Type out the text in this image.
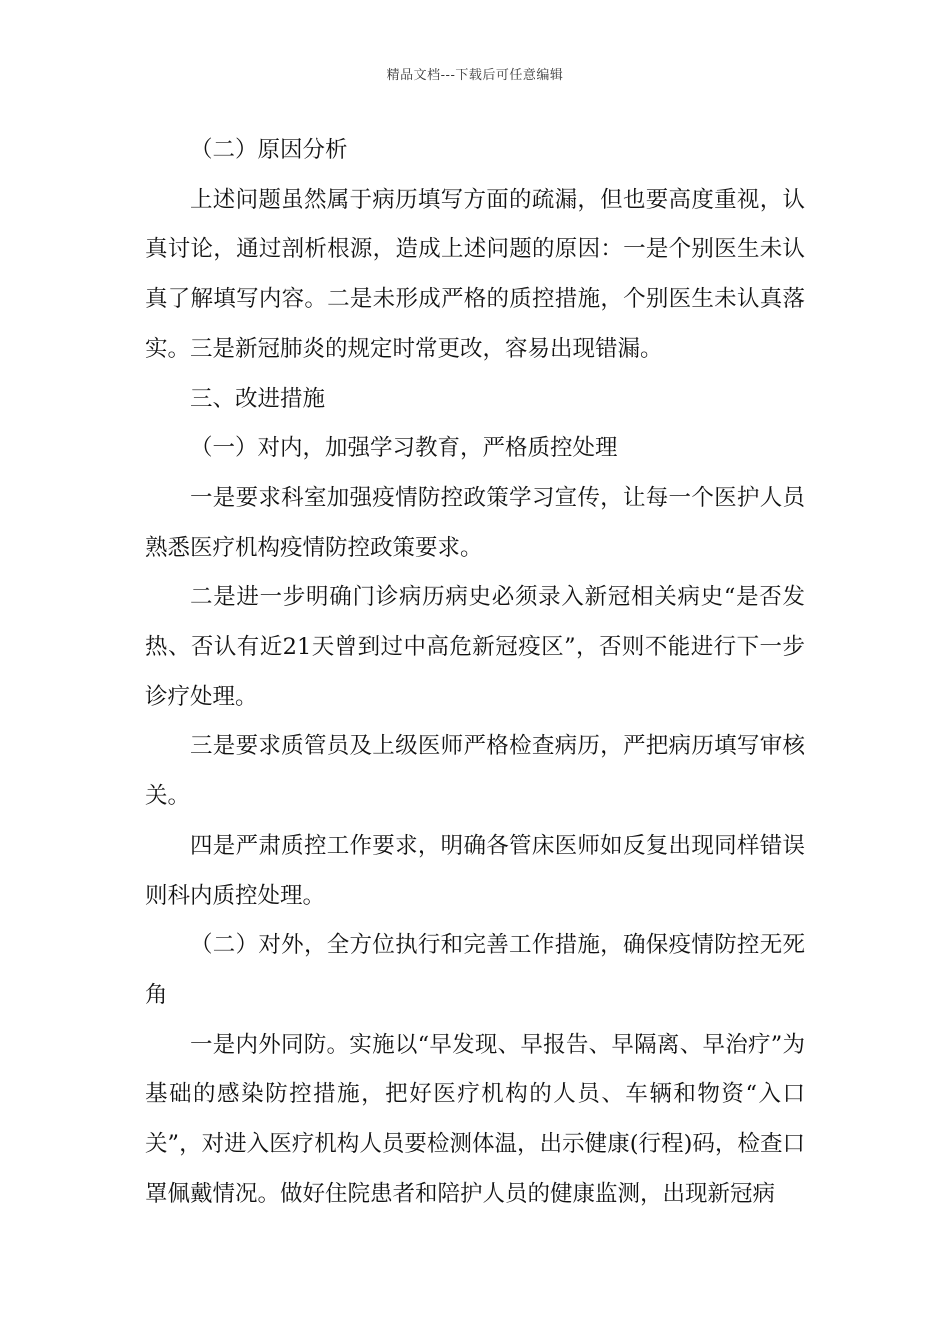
精品文档---下载后可任意编辑

（二）原因分析

上述问题虽然属于病历填写方面的疏漏，但也要高度重视，认真讨论，通过剖析根源，造成上述问题的原因：一是个别医生未认真了解填写内容。二是未形成严格的质控措施，个别医生未认真落实。三是新冠肺炎的规定时常更改，容易出现错漏。

三、改进措施

（一）对内，加强学习教育，严格质控处理

一是要求科室加强疫情防控政策学习宣传，让每一个医护人员熟悉医疗机构疫情防控政策要求。

二是进一步明确门诊病历病史必须录入新冠相关病史“是否发热、否认有近21天曾到过中高危新冠疫区”，否则不能进行下一步诊疗处理。

三是要求质管员及上级医师严格检查病历，严把病历填写审核关。

四是严肃质控工作要求，明确各管床医师如反复出现同样错误则科内质控处理。

（二）对外，全方位执行和完善工作措施，确保疫情防控无死角

一是内外同防。实施以“早发现、早报告、早隔离、早治疗”为基础的感染防控措施，把好医疗机构的人员、车辆和物资“入口关”，对进入医疗机构人员要检测体温，出示健康(行程)码，检查口罩佩戴情况。做好住院患者和陪护人员的健康监测，出现新冠病
